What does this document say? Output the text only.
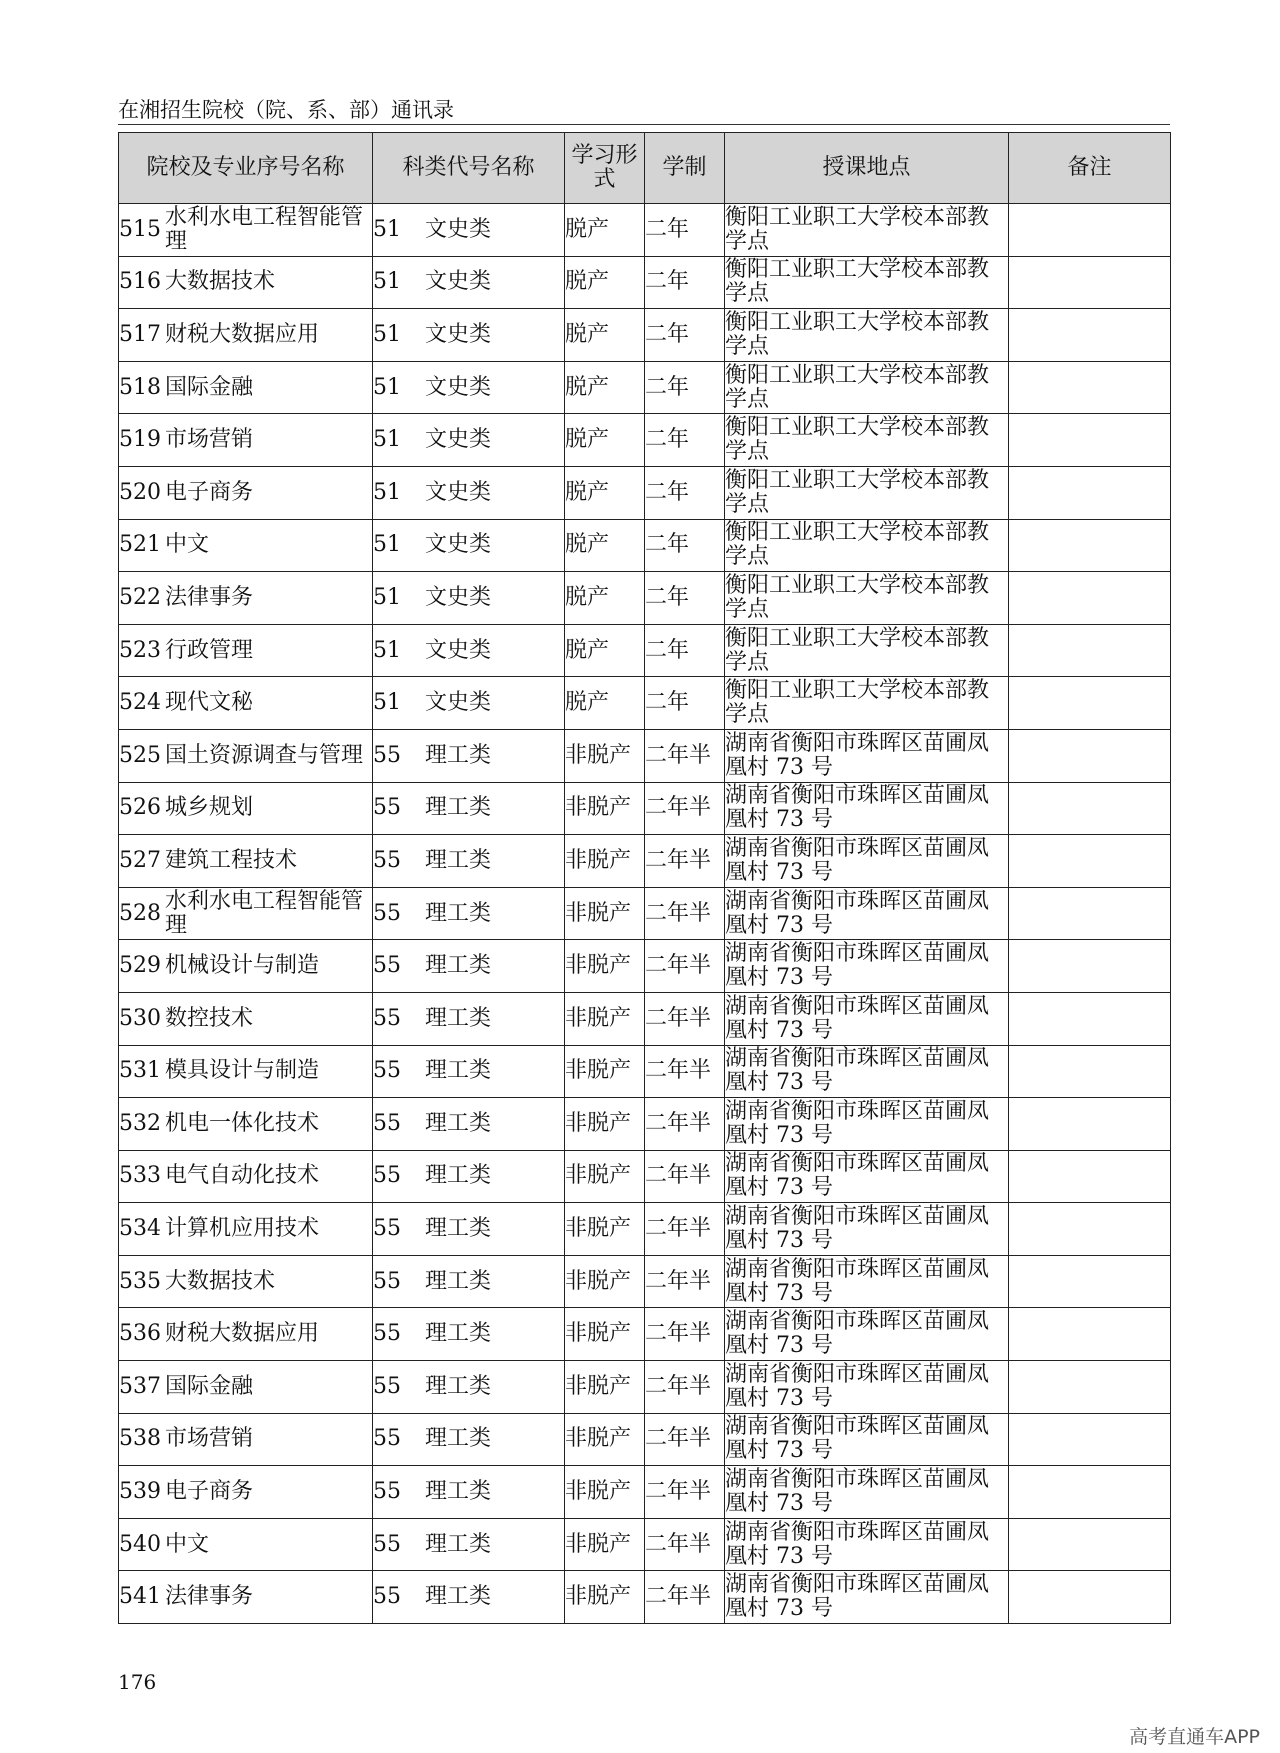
在湘招生院校（院、系、部）通讯录
院校及专业序号名称	科类代号名称	学习形式	学制	授课地点	备注

515 水利水电工程智能管理	51 文史类	脱产	二年	衡阳工业职工大学校本部教学点	

516 大数据技术	51 文史类	脱产	二年	衡阳工业职工大学校本部教学点	

517 财税大数据应用	51 文史类	脱产	二年	衡阳工业职工大学校本部教学点	

518 国际金融	51 文史类	脱产	二年	衡阳工业职工大学校本部教学点	

519 市场营销	51 文史类	脱产	二年	衡阳工业职工大学校本部教学点	

520 电子商务	51 文史类	脱产	二年	衡阳工业职工大学校本部教学点	

521 中文	51 文史类	脱产	二年	衡阳工业职工大学校本部教学点	

522 法律事务	51 文史类	脱产	二年	衡阳工业职工大学校本部教学点	

523 行政管理	51 文史类	脱产	二年	衡阳工业职工大学校本部教学点	

524 现代文秘	51 文史类	脱产	二年	衡阳工业职工大学校本部教学点	

525 国土资源调查与管理	55 理工类	非脱产	二年半	湖南省衡阳市珠晖区苗圃凤凰村 73 号	

526 城乡规划	55 理工类	非脱产	二年半	湖南省衡阳市珠晖区苗圃凤凰村 73 号	

527 建筑工程技术	55 理工类	非脱产	二年半	湖南省衡阳市珠晖区苗圃凤凰村 73 号	

528 水利水电工程智能管理	55 理工类	非脱产	二年半	湖南省衡阳市珠晖区苗圃凤凰村 73 号	

529 机械设计与制造	55 理工类	非脱产	二年半	湖南省衡阳市珠晖区苗圃凤凰村 73 号	

530 数控技术	55 理工类	非脱产	二年半	湖南省衡阳市珠晖区苗圃凤凰村 73 号	

531 模具设计与制造	55 理工类	非脱产	二年半	湖南省衡阳市珠晖区苗圃凤凰村 73 号	

532 机电一体化技术	55 理工类	非脱产	二年半	湖南省衡阳市珠晖区苗圃凤凰村 73 号	

533 电气自动化技术	55 理工类	非脱产	二年半	湖南省衡阳市珠晖区苗圃凤凰村 73 号	

534 计算机应用技术	55 理工类	非脱产	二年半	湖南省衡阳市珠晖区苗圃凤凰村 73 号	

535 大数据技术	55 理工类	非脱产	二年半	湖南省衡阳市珠晖区苗圃凤凰村 73 号	

536 财税大数据应用	55 理工类	非脱产	二年半	湖南省衡阳市珠晖区苗圃凤凰村 73 号	

537 国际金融	55 理工类	非脱产	二年半	湖南省衡阳市珠晖区苗圃凤凰村 73 号	

538 市场营销	55 理工类	非脱产	二年半	湖南省衡阳市珠晖区苗圃凤凰村 73 号	

539 电子商务	55 理工类	非脱产	二年半	湖南省衡阳市珠晖区苗圃凤凰村 73 号	

540 中文	55 理工类	非脱产	二年半	湖南省衡阳市珠晖区苗圃凤凰村 73 号	

541 法律事务	55 理工类	非脱产	二年半	湖南省衡阳市珠晖区苗圃凤凰村 73 号	
176
高考直通车APP
